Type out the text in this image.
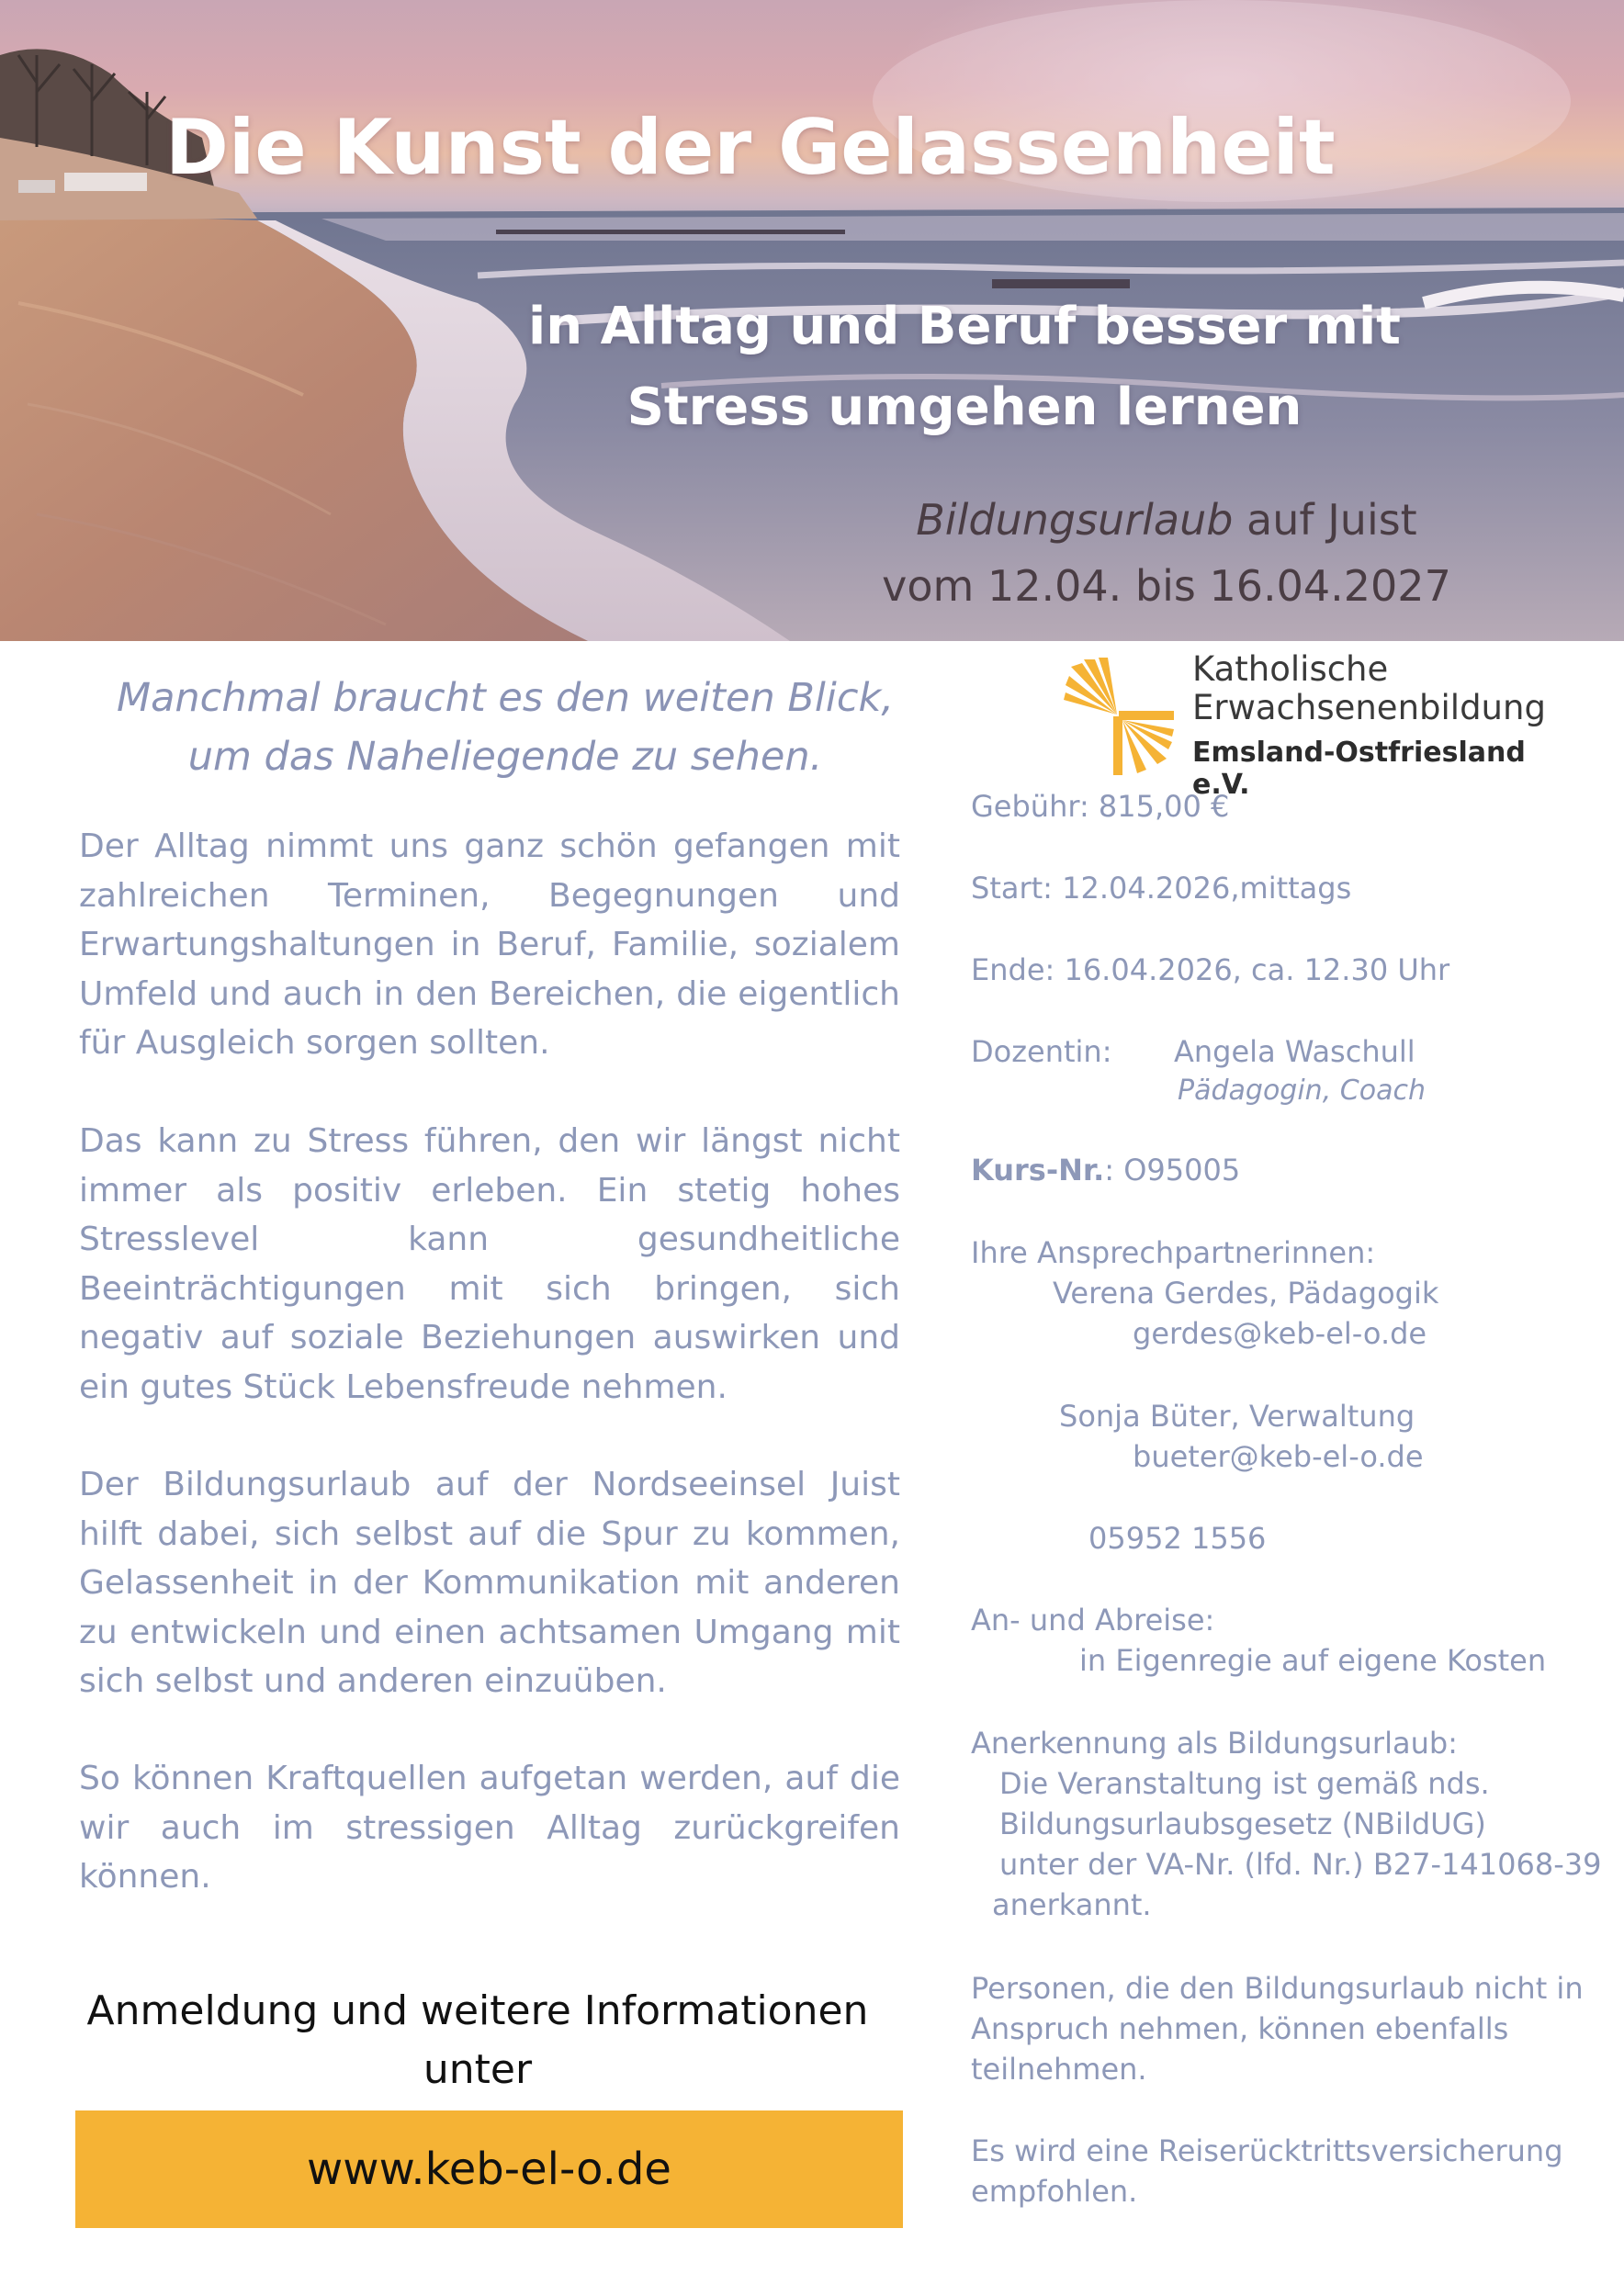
Die Kunst der Gelassenheit
in Alltag und Beruf besser mit
Stress umgehen lernen

Bildungsurlaub auf Juist
vom 12.04. bis 16.04.2027

Manchmal braucht es den weiten Blick,
um das Naheliegende zu sehen.

Der Alltag nimmt uns ganz schön gefangen mit zahlreichen Terminen, Begegnungen und Erwartungshaltungen in Beruf, Familie, sozialem Umfeld und auch in den Bereichen, die eigentlich für Ausgleich sorgen sollten.

Das kann zu Stress führen, den wir längst nicht immer als positiv erleben. Ein stetig hohes Stresslevel kann gesundheitliche Beeinträchtigungen mit sich bringen, sich negativ auf soziale Beziehungen auswirken und ein gutes Stück Lebensfreude nehmen.

Der Bildungsurlaub auf der Nordseeinsel Juist hilft dabei, sich selbst auf die Spur zu kommen, Gelassenheit in der Kommunikation mit anderen zu entwickeln und einen achtsamen Umgang mit sich selbst und anderen einzuüben.

So können Kraftquellen aufgetan werden, auf die wir auch im stressigen Alltag zurückgreifen können.

Anmeldung und weitere Informationen
unter

www.keb-el-o.de

Katholische
Erwachsenenbildung

Emsland-Ostfriesland e.V.

Gebühr: 815,00 €

Start: 12.04.2026,mittags

Ende: 16.04.2026, ca. 12.30 Uhr

Dozentin: Angela Waschull

Pädagogin, Coach

Kurs-Nr.: O95005

Ihre Ansprechpartnerinnen:

Verena Gerdes, Pädagogik

gerdes@keb-el-o.de

Sonja Büter, Verwaltung

bueter@keb-el-o.de

05952 1556

An- und Abreise:

in Eigenregie auf eigene Kosten

Anerkennung als Bildungsurlaub:

Die Veranstaltung ist gemäß nds.
Bildungsurlaubsgesetz (NBildUG)
unter der VA-Nr. (lfd. Nr.) B27-141068-39
anerkannt.

Personen, die den Bildungsurlaub nicht in
Anspruch nehmen, können ebenfalls
teilnehmen.

Es wird eine Reiserücktrittsversicherung
empfohlen.
